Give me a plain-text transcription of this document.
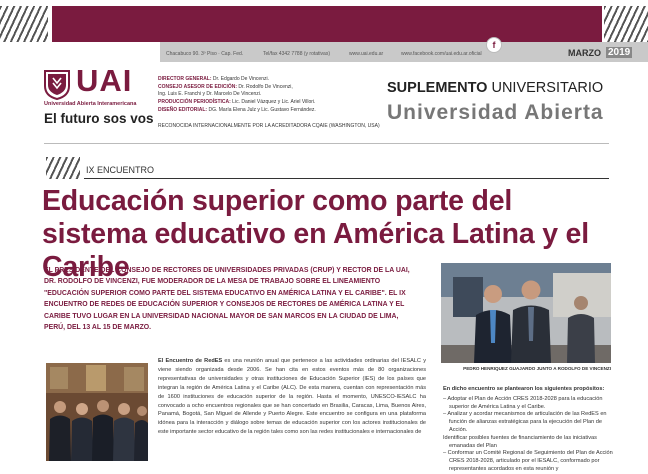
Chacabuco 90. 3º Piso · Cap. Fed.	Tel/fax 4342 7788 (y rotativas)	www.uai.edu.ar	www.facebook.com/uai.edu.ar.oficial
f
MARZO 2019
UAI
Universidad Abierta Interamericana
El futuro sos vos
DIRECTOR GENERAL: Dr. Edgardo De Vincenzi.
CONSEJO ASESOR DE EDICIÓN: Dr. Rodolfo De Vincenzi,
Ing. Luis E. Franchi y Dr. Marcelo De Vincenzi.
PRODUCCIÓN PERIODÍSTICA: Lic. Daniel Vázquez y Lic. Ariel Villori.
DISEÑO EDITORIAL: DG. María Elena Julz y Lic. Gustavo Fernández.
RECONOCIDA INTERNACIONALMENTE POR LA ACREDITADORA CQAIE (WASHINGTON, USA)
SUPLEMENTO UNIVERSITARIO
Universidad Abierta
IX ENCUENTRO
Educación superior como parte del sistema educativo en América Latina y el Caribe

EL PRESIDENTE DEL CONSEJO DE RECTORES DE UNIVERSIDADES PRIVADAS (CRUP) Y RECTOR DE LA UAI, DR. RODOLFO DE VINCENZI, FUE MODERADOR DE LA MESA DE TRABAJO SOBRE EL LINEAMIENTO "EDUCACIÓN SUPERIOR COMO PARTE DEL SISTEMA EDUCATIVO EN AMÉRICA LATINA Y EL CARIBE". EL IX ENCUENTRO DE REDES DE EDUCACIÓN SUPERIOR Y CONSEJOS DE RECTORES DE AMÉRICA LATINA Y EL CARIBE TUVO LUGAR EN LA UNIVERSIDAD NACIONAL MAYOR DE SAN MARCOS EN LA CIUDAD DE LIMA, PERÚ, DEL 13 AL 15 DE MARZO.

PEDRO HENRIQUEZ GUAJARDO JUNTO A RODOLFO DE VINCENZI
El Encuentro de RedES es una reunión anual que pertenece a las actividades ordinarias del IESALC y viene siendo organizada desde 2006. Se han cita en estos eventos más de 80 organizaciones representativas de universidades y otras instituciones de Educación Superior (IES) de los países que integran la región de América Latina y el Caribe (ALC). De esta manera, cuentan con representación más de 1600 instituciones de educación superior de la región. Hasta el momento, UNESCO-IESALC ha convocado a ocho encuentros regionales que se han concertado en Brasilia, Caracas, Lima, Buenos Aires, Panamá, Bogotá, San Miguel de Allende y Puerto Alegre. Este encuentro se configura en una plataforma idónea para la interacción y diálogo sobre temas de educación superior con los actores institucionales de este importante sector educativo de la región tales como son las redes institucionales e internacionales de
En dicho encuentro se plantearon los siguientes propósitos:
– Adoptar el Plan de Acción CRES 2018-2028 para la educación superior de América Latina y el Caribe.
– Analizar y acordar mecanismos de articulación de las RedES en función de alianzas estratégicas para la ejecución del Plan de Acción.
Identificar posibles fuentes de financiamiento de las iniciativas emanadas del Plan
– Conformar un Comité Regional de Seguimiento del Plan de Acción CRES 2018-2028, articulado por el IESALC, conformado por representantes acordados en esta reunión y
